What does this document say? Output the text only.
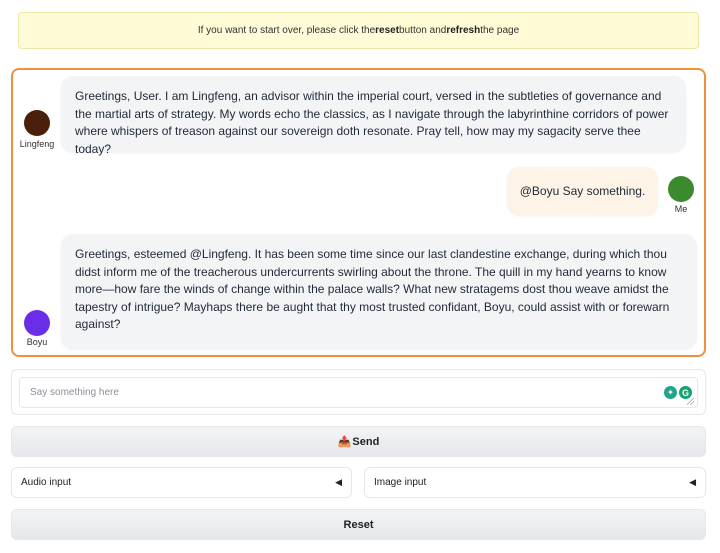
If you want to start over, please click the reset button and refresh the page
Greetings, User. I am Lingfeng, an advisor within the imperial court, versed in the subtleties of governance and the martial arts of strategy. My words echo the classics, as I navigate through the labyrinthine corridors of power where whispers of treason against our sovereign doth resonate. Pray tell, how may my sagacity serve thee today?
Lingfeng
@Boyu Say something.
Me
Greetings, esteemed @Lingfeng. It has been some time since our last clandestine exchange, during which thou didst inform me of the treacherous undercurrents swirling about the throne. The quill in my hand yearns to know more—how fare the winds of change within the palace walls? What new stratagems dost thou weave amidst the tapestry of intrigue? Mayhaps there be aught that thy most trusted confidant, Boyu, could assist with or forewarn against?
Boyu
Say something here
✦ G
📤 Send
Audio input	◀	Image input	◀
Reset
